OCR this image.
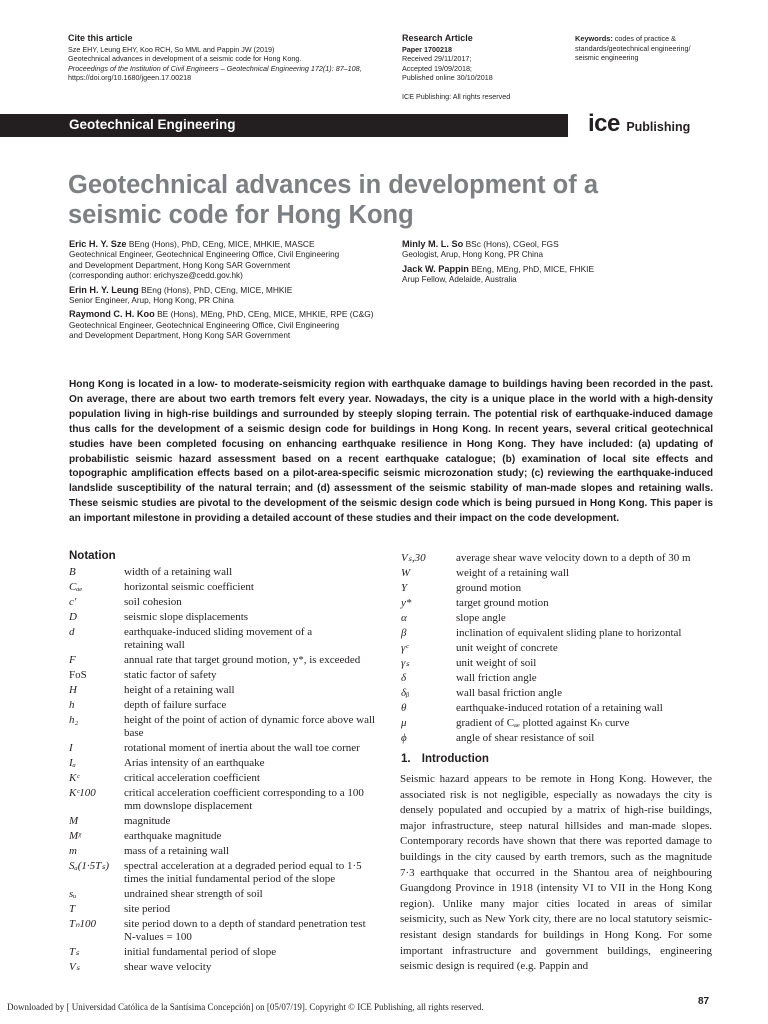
Cite this article
Sze EHY, Leung EHY, Koo RCH, So MML and Pappin JW (2019)
Geotechnical advances in development of a seismic code for Hong Kong.
Proceedings of the Institution of Civil Engineers – Geotechnical Engineering 172(1): 87–108,
https://doi.org/10.1680/jgeen.17.00218
Research Article
Paper 1700218
Received 29/11/2017;
Accepted 19/09/2018;
Published online 30/10/2018
ICE Publishing: All rights reserved
Keywords: codes of practice & standards/geotechnical engineering/ seismic engineering
Geotechnical Engineering	ice Publishing
Geotechnical advances in development of a seismic code for Hong Kong
Eric H. Y. Sze BEng (Hons), PhD, CEng, MICE, MHKIE, MASCE

Geotechnical Engineer, Geotechnical Engineering Office, Civil Engineering

and Development Department, Hong Kong SAR Government

(corresponding author: erichysze@cedd.gov.hk)

Erin H. Y. Leung BEng (Hons), PhD, CEng, MICE, MHKIE

Senior Engineer, Arup, Hong Kong, PR China

Raymond C. H. Koo BE (Hons), MEng, PhD, CEng, MICE, MHKIE, RPE (C&G)

Geotechnical Engineer, Geotechnical Engineering Office, Civil Engineering

and Development Department, Hong Kong SAR Government

Minly M. L. So BSc (Hons), CGeol, FGS

Geologist, Arup, Hong Kong, PR China

Jack W. Pappin BEng, MEng, PhD, MICE, FHKIE

Arup Fellow, Adelaide, Australia

Hong Kong is located in a low- to moderate-seismicity region with earthquake damage to buildings having been recorded in the past. On average, there are about two earth tremors felt every year. Nowadays, the city is a unique place in the world with a high-density population living in high-rise buildings and surrounded by steeply sloping terrain. The potential risk of earthquake-induced damage thus calls for the development of a seismic design code for buildings in Hong Kong. In recent years, several critical geotechnical studies have been completed focusing on enhancing earthquake resilience in Hong Kong. They have included: (a) updating of probabilistic seismic hazard assessment based on a recent earthquake catalogue; (b) examination of local site effects and topographic amplification effects based on a pilot-area-specific seismic microzonation study; (c) reviewing the earthquake-induced landslide susceptibility of the natural terrain; and (d) assessment of the seismic stability of man-made slopes and retaining walls. These seismic studies are pivotal to the development of the seismic design code which is being pursued in Hong Kong. This paper is an important milestone in providing a detailed account of these studies and their impact on the code development.
Notation
B	width of a retaining wall
Cₐₑ	horizontal seismic coefficient
c′	soil cohesion
D	seismic slope displacements
d	earthquake-induced sliding movement of a retaining wall
F	annual rate that target ground motion, y*, is exceeded
FoS	static factor of safety
H	height of a retaining wall
h	depth of failure surface
h₂	height of the point of action of dynamic force above wall base
I	rotational moment of inertia about the wall toe corner
Iₐ	Arias intensity of an earthquake
Kᶜ	critical acceleration coefficient
Kᶜ100	critical acceleration coefficient corresponding to a 100 mm downslope displacement
M	magnitude
Mᵡ	earthquake magnitude
m	mass of a retaining wall
Sₐ(1·5Tₛ) spectral acceleration at a degraded period equal to 1·5 times the initial fundamental period of the slope
sᵤ	undrained shear strength of soil
T	site period
Tₙ100	site period down to a depth of standard penetration test N-values = 100
Tₛ	initial fundamental period of slope
Vₛ	shear wave velocity
Vₛ,30	average shear wave velocity down to a depth of 30 m
W	weight of a retaining wall
Y	ground motion
y*	target ground motion
α	slope angle
β	inclination of equivalent sliding plane to horizontal
γᶜ	unit weight of concrete
γₛ	unit weight of soil
δ	wall friction angle
δᵦ	wall basal friction angle
θ	earthquake-induced rotation of a retaining wall
μ	gradient of Cₐₑ plotted against Kₕ curve
ϕ	angle of shear resistance of soil
1. Introduction
Seismic hazard appears to be remote in Hong Kong. However, the associated risk is not negligible, especially as nowadays the city is densely populated and occupied by a matrix of high-rise buildings, major infrastructure, steep natural hillsides and man-made slopes. Contemporary records have shown that there was reported damage to buildings in the city caused by earth tremors, such as the magnitude 7·3 earthquake that occurred in the Shantou area of neighbouring Guangdong Province in 1918 (intensity VI to VII in the Hong Kong region). Unlike many major cities located in areas of similar seismicity, such as New York city, there are no local statutory seismic-resistant design standards for buildings in Hong Kong. For some important infrastructure and government buildings, engineering seismic design is required (e.g. Pappin and
Downloaded by [ Universidad Católica de la Santísima Concepción] on [05/07/19]. Copyright © ICE Publishing, all rights reserved.	87
